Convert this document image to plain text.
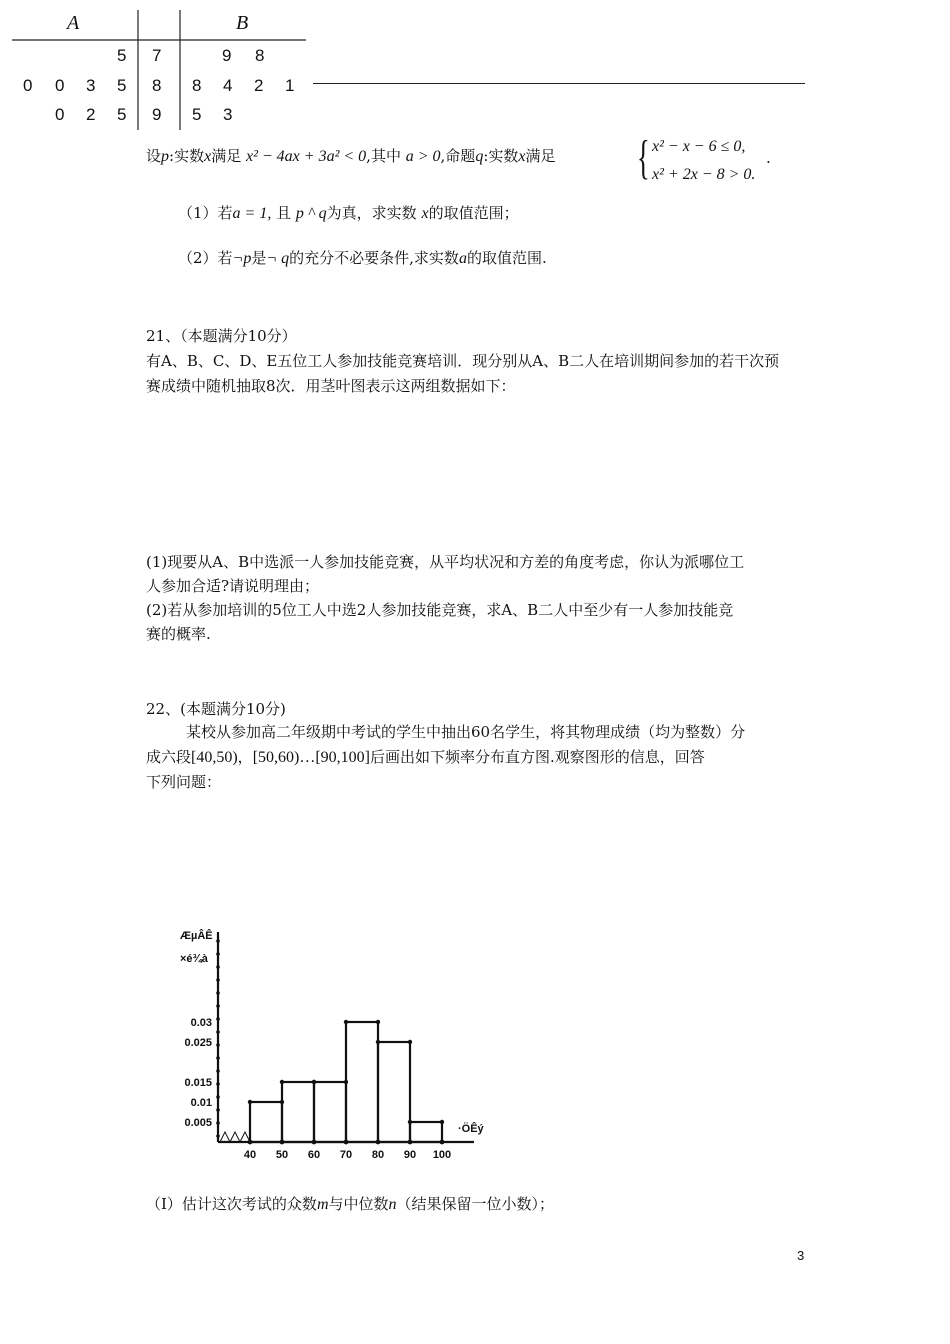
A	B
5 7	9 8
0 0 3 5 8 8 4 2 1
0 2 5 9 5 3
设p:实数x满足 x² − 4ax + 3a² < 0,其中 a > 0,命题q:实数x满足 { x² − x − 6 ≤ 0,
x² + 2x − 8 > 0.
.
（1）若a = 1, 且 p ^ q为真，求实数 x的取值范围；
（2）若¬p是¬ q的充分不必要条件,求实数a的取值范围.
21、（本题满分10分）
有A、B、C、D、E五位工人参加技能竞赛培训．现分别从A、B二人在培训期间参加的若干次预
赛成绩中随机抽取8次．用茎叶图表示这两组数据如下：
(1)现要从A、B中选派一人参加技能竞赛，从平均状况和方差的角度考虑，你认为派哪位工
人参加合适?请说明理由；
(2)若从参加培训的5位工人中选2人参加技能竞赛，求A、B二人中至少有一人参加技能竞
赛的概率.
22、(本题满分10分)
某校从参加高二年级期中考试的学生中抽出60名学生，将其物理成绩（均为整数）分
成六段[40,50)，[50,60)…[90,100]后画出如下频率分布直方图.观察图形的信息，回答
下列问题：
40 50 60 70 80 90 100
0.03
0.025
0.015
0.01
0.005
ÆµÂÊ
×é¾à
·ÖÊý
（Ⅰ）估计这次考试的众数m与中位数n（结果保留一位小数）；
3
